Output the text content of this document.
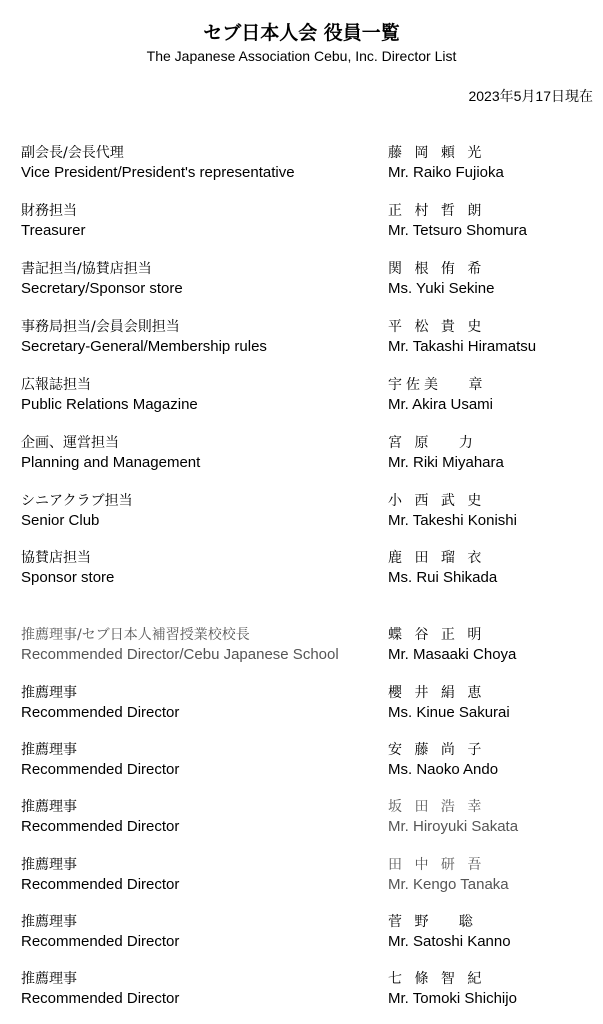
セブ日本人会 役員一覧
The Japanese Association Cebu, Inc. Director List
2023年5月17日現在
副会長/会長代理
Vice President/President's representative
藤 岡 頼 光
Mr. Raiko Fujioka
財務担当
Treasurer
正 村 哲 朗
Mr. Tetsuro Shomura
書記担当/協賛店担当
Secretary/Sponsor store
関 根 侑 希
Ms. Yuki Sekine
事務局担当/会員会則担当
Secretary-General/Membership rules
平 松 貴 史
Mr. Takashi Hiramatsu
広報誌担当
Public Relations Magazine
宇佐美　 章
Mr. Akira Usami
企画、運営担当
Planning and Management
宮 原　 力
Mr. Riki Miyahara
シニアクラブ担当
Senior Club
小 西 武 史
Mr. Takeshi Konishi
協賛店担当
Sponsor store
鹿 田 瑠 衣
Ms. Rui Shikada
推薦理事/セブ日本人補習授業校校長
Recommended Director/Cebu Japanese School
蝶 谷 正 明
Mr. Masaaki Choya
推薦理事
Recommended Director
櫻 井 絹 恵
Ms. Kinue Sakurai
推薦理事
Recommended Director
安 藤 尚 子
Ms. Naoko Ando
推薦理事
Recommended Director
坂 田 浩 幸
Mr. Hiroyuki Sakata
推薦理事
Recommended Director
田 中 研 吾
Mr. Kengo Tanaka
推薦理事
Recommended Director
菅 野　 聡
Mr. Satoshi Kanno
推薦理事
Recommended Director
七 條 智 紀
Mr. Tomoki Shichijo
